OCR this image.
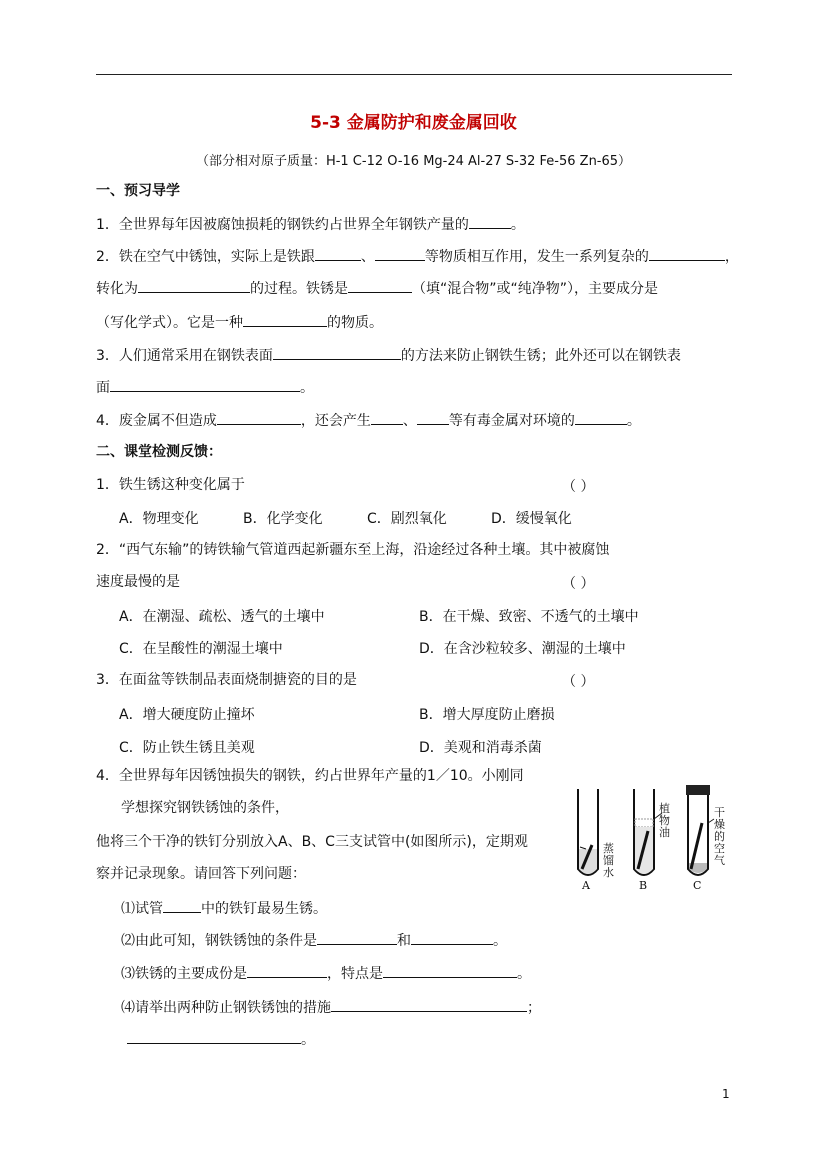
5-3 金属防护和废金属回收
（部分相对原子质量：H-1 C-12 O-16 Mg-24 Al-27 S-32 Fe-56 Zn-65）
一、预习导学
1．全世界每年因被腐蚀损耗的钢铁约占世界全年钢铁产量的	。
2．铁在空气中锈蚀，实际上是铁跟	、	等物质相互作用，发生一系列复杂的	，
转化为	的过程。铁锈是	（填“混合物”或“纯净物”），主要成分是
（写化学式）。它是一种	的物质。
3．人们通常采用在钢铁表面	的方法来防止钢铁生锈；此外还可以在钢铁表
面	。
4．废金属不但造成	，还会产生 、 等有毒金属对环境的	。
二、课堂检测反馈：
1．铁生锈这种变化属于	（ ）
A．物理变化	B．化学变化	C．剧烈氧化	D．缓慢氧化
2．“西气东输”的铸铁输气管道西起新疆东至上海，沿途经过各种土壤。其中被腐蚀
速度最慢的是	（ ）
A．在潮湿、疏松、透气的土壤中	B．在干燥、致密、不透气的土壤中
C．在呈酸性的潮湿土壤中	D．在含沙粒较多、潮湿的土壤中
3．在面盆等铁制品表面烧制搪瓷的目的是	（ ）
A．增大硬度防止撞坏	B．增大厚度防止磨损
C．防止铁生锈且美观	D．美观和消毒杀菌
4．全世界每年因锈蚀损失的钢铁，约占世界年产量的1／10。小刚同
学想探究钢铁锈蚀的条件，
他将三个干净的铁钉分别放入A、B、C三支试管中(如图所示)，定期观
察并记录现象。请回答下列问题：
⑴试管	中的铁钉最易生锈。
⑵由此可知，钢铁锈蚀的条件是	和	。
⑶铁锈的主要成份是	，特点是	。
⑷请举出两种防止钢铁锈蚀的措施	；
。
A	B	C
蒸馏水
植物油
干燥的空气
1
